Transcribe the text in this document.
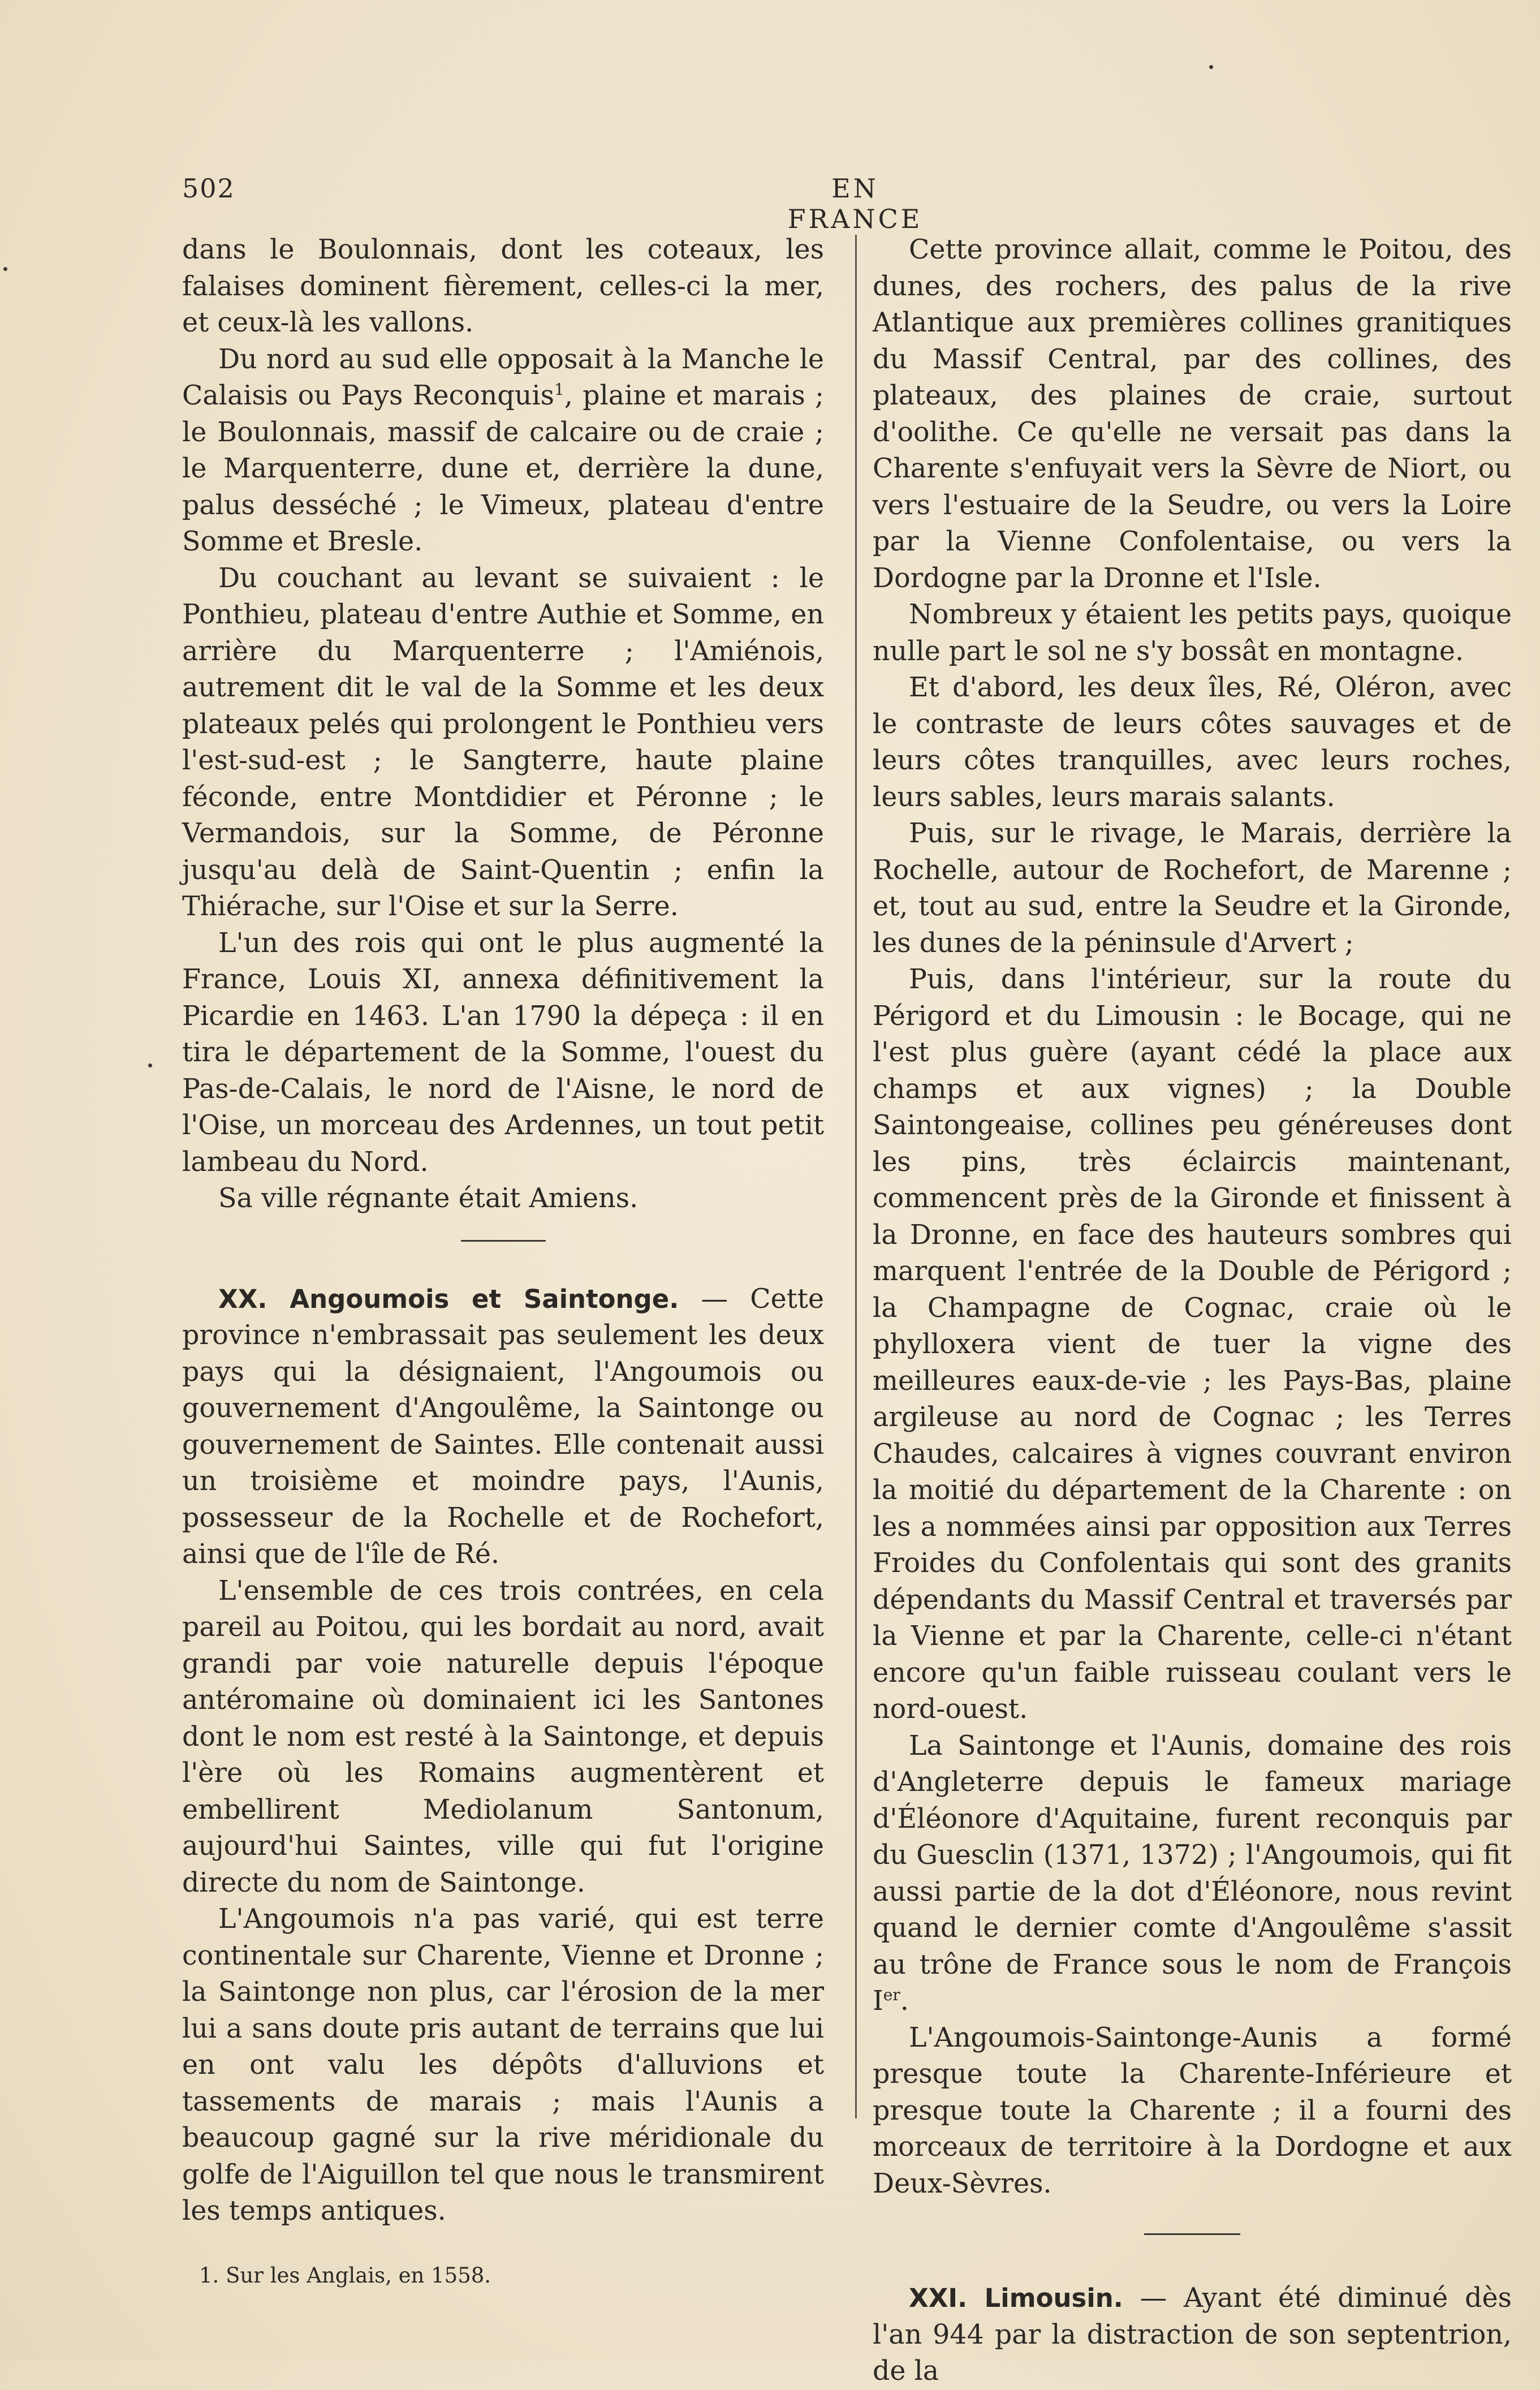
502	EN FRANCE

dans le Boulonnais, dont les coteaux, les falaises dominent fièrement, celles-ci la mer, et ceux-là les vallons.

Du nord au sud elle opposait à la Manche le Calaisis ou Pays Reconquis$^1$, plaine et marais ; le Boulonnais, massif de calcaire ou de craie ; le Marquenterre, dune et, derrière la dune, palus desséché ; le Vimeux, plateau d'entre Somme et Bresle.

Du couchant au levant se suivaient : le Ponthieu, plateau d'entre Authie et Somme, en arrière du Marquenterre ; l'Amiénois, autrement dit le val de la Somme et les deux plateaux pelés qui prolongent le Ponthieu vers l'est-sud-est ; le Sangterre, haute plaine féconde, entre Montdidier et Péronne ; le Vermandois, sur la Somme, de Péronne jusqu'au delà de Saint-Quentin ; enfin la Thiérache, sur l'Oise et sur la Serre.

L'un des rois qui ont le plus augmenté la France, Louis XI, annexa définitivement la Picardie en 1463. L'an 1790 la dépeça : il en tira le département de la Somme, l'ouest du Pas-de-Calais, le nord de l'Aisne, le nord de l'Oise, un morceau des Ardennes, un tout petit lambeau du Nord.

Sa ville régnante était Amiens.

XX. Angoumois et Saintonge. — Cette province n'embrassait pas seulement les deux pays qui la désignaient, l'Angoumois ou gouvernement d'Angoulême, la Saintonge ou gouvernement de Saintes. Elle contenait aussi un troisième et moindre pays, l'Aunis, possesseur de la Rochelle et de Rochefort, ainsi que de l'île de Ré.

L'ensemble de ces trois contrées, en cela pareil au Poitou, qui les bordait au nord, avait grandi par voie naturelle depuis l'époque antéromaine où dominaient ici les Santones dont le nom est resté à la Saintonge, et depuis l'ère où les Romains augmentèrent et embellirent Mediolanum Santonum, aujourd'hui Saintes, ville qui fut l'origine directe du nom de Saintonge.

L'Angoumois n'a pas varié, qui est terre continentale sur Charente, Vienne et Dronne ; la Saintonge non plus, car l'érosion de la mer lui a sans doute pris autant de terrains que lui en ont valu les dépôts d'alluvions et tassements de marais ; mais l'Aunis a beaucoup gagné sur la rive méridionale du golfe de l'Aiguillon tel que nous le transmirent les temps antiques.

1. Sur les Anglais, en 1558.

Cette province allait, comme le Poitou, des dunes, des rochers, des palus de la rive Atlantique aux premières collines granitiques du Massif Central, par des collines, des plateaux, des plaines de craie, surtout d'oolithe. Ce qu'elle ne versait pas dans la Charente s'enfuyait vers la Sèvre de Niort, ou vers l'estuaire de la Seudre, ou vers la Loire par la Vienne Confolentaise, ou vers la Dordogne par la Dronne et l'Isle.

Nombreux y étaient les petits pays, quoique nulle part le sol ne s'y bossât en montagne.

Et d'abord, les deux îles, Ré, Oléron, avec le contraste de leurs côtes sauvages et de leurs côtes tranquilles, avec leurs roches, leurs sables, leurs marais salants.

Puis, sur le rivage, le Marais, derrière la Rochelle, autour de Rochefort, de Marenne ; et, tout au sud, entre la Seudre et la Gironde, les dunes de la péninsule d'Arvert ;

Puis, dans l'intérieur, sur la route du Périgord et du Limousin : le Bocage, qui ne l'est plus guère (ayant cédé la place aux champs et aux vignes) ; la Double Saintongeaise, collines peu généreuses dont les pins, très éclaircis maintenant, commencent près de la Gironde et finissent à la Dronne, en face des hauteurs sombres qui marquent l'entrée de la Double de Périgord ; la Champagne de Cognac, craie où le phylloxera vient de tuer la vigne des meilleures eaux-de-vie ; les Pays-Bas, plaine argileuse au nord de Cognac ; les Terres Chaudes, calcaires à vignes couvrant environ la moitié du département de la Charente : on les a nommées ainsi par opposition aux Terres Froides du Confolentais qui sont des granits dépendants du Massif Central et traversés par la Vienne et par la Charente, celle-ci n'étant encore qu'un faible ruisseau coulant vers le nord-ouest.

La Saintonge et l'Aunis, domaine des rois d'Angleterre depuis le fameux mariage d'Éléonore d'Aquitaine, furent reconquis par du Guesclin (1371, 1372) ; l'Angoumois, qui fit aussi partie de la dot d'Éléonore, nous revint quand le dernier comte d'Angoulême s'assit au trône de France sous le nom de François Ier.

L'Angoumois-Saintonge-Aunis a formé presque toute la Charente-Inférieure et presque toute la Charente ; il a fourni des morceaux de territoire à la Dordogne et aux Deux-Sèvres.

XXI. Limousin. — Ayant été diminué dès l'an 944 par la distraction de son septentrion, de la
